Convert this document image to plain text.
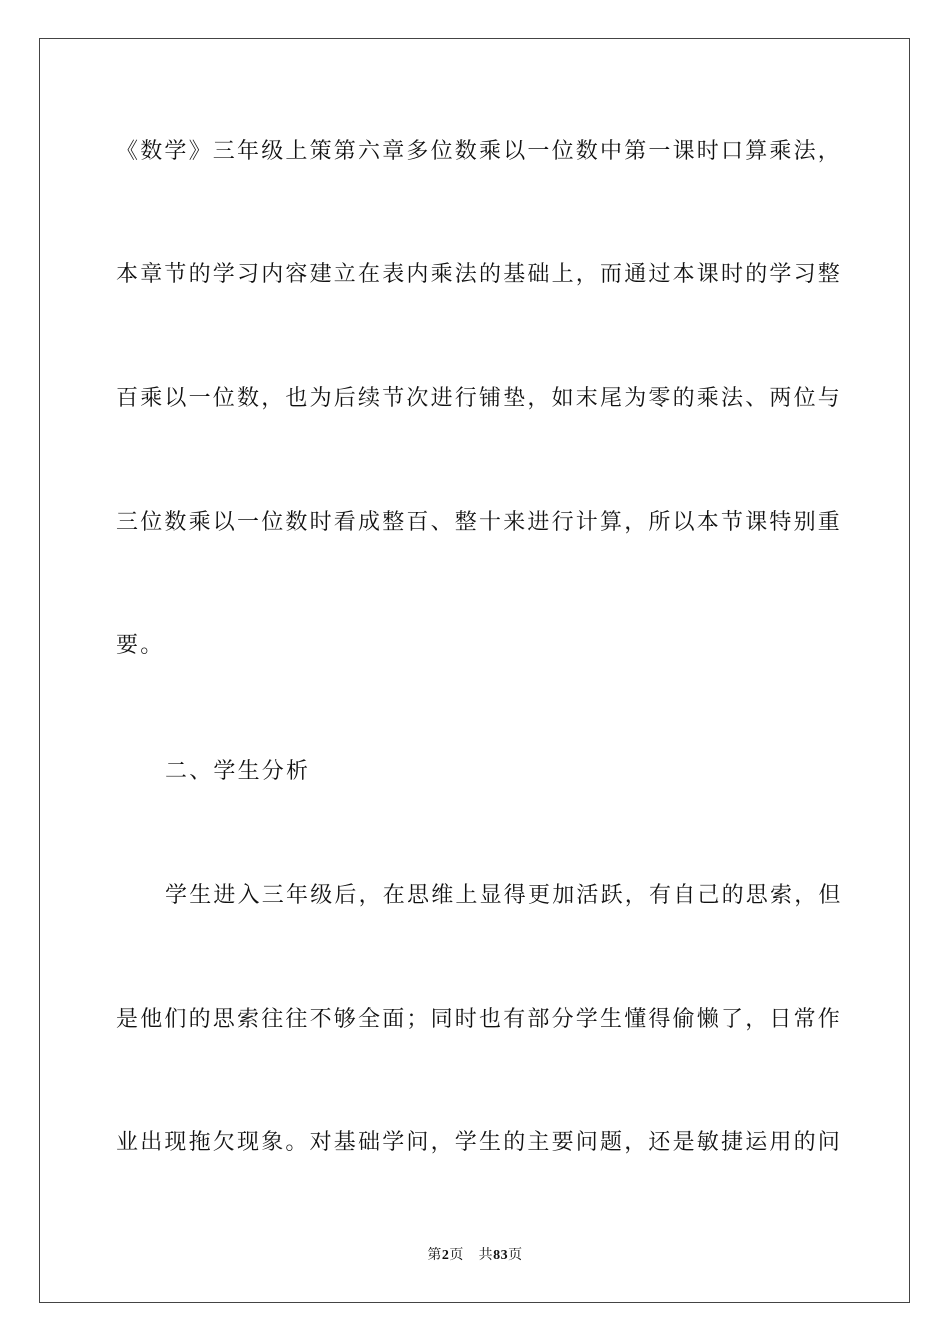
《数学》三年级上策第六章多位数乘以一位数中第一课时口算乘法，
本章节的学习内容建立在表内乘法的基础上，而通过本课时的学习整
百乘以一位数，也为后续节次进行铺垫，如末尾为零的乘法、两位与
三位数乘以一位数时看成整百、整十来进行计算，所以本节课特别重
要。
二、学生分析
学生进入三年级后，在思维上显得更加活跃，有自己的思索，但
是他们的思索往往不够全面；同时也有部分学生懂得偷懒了，日常作
业出现拖欠现象。对基础学问，学生的主要问题，还是敏捷运用的问
第2页 共83页
